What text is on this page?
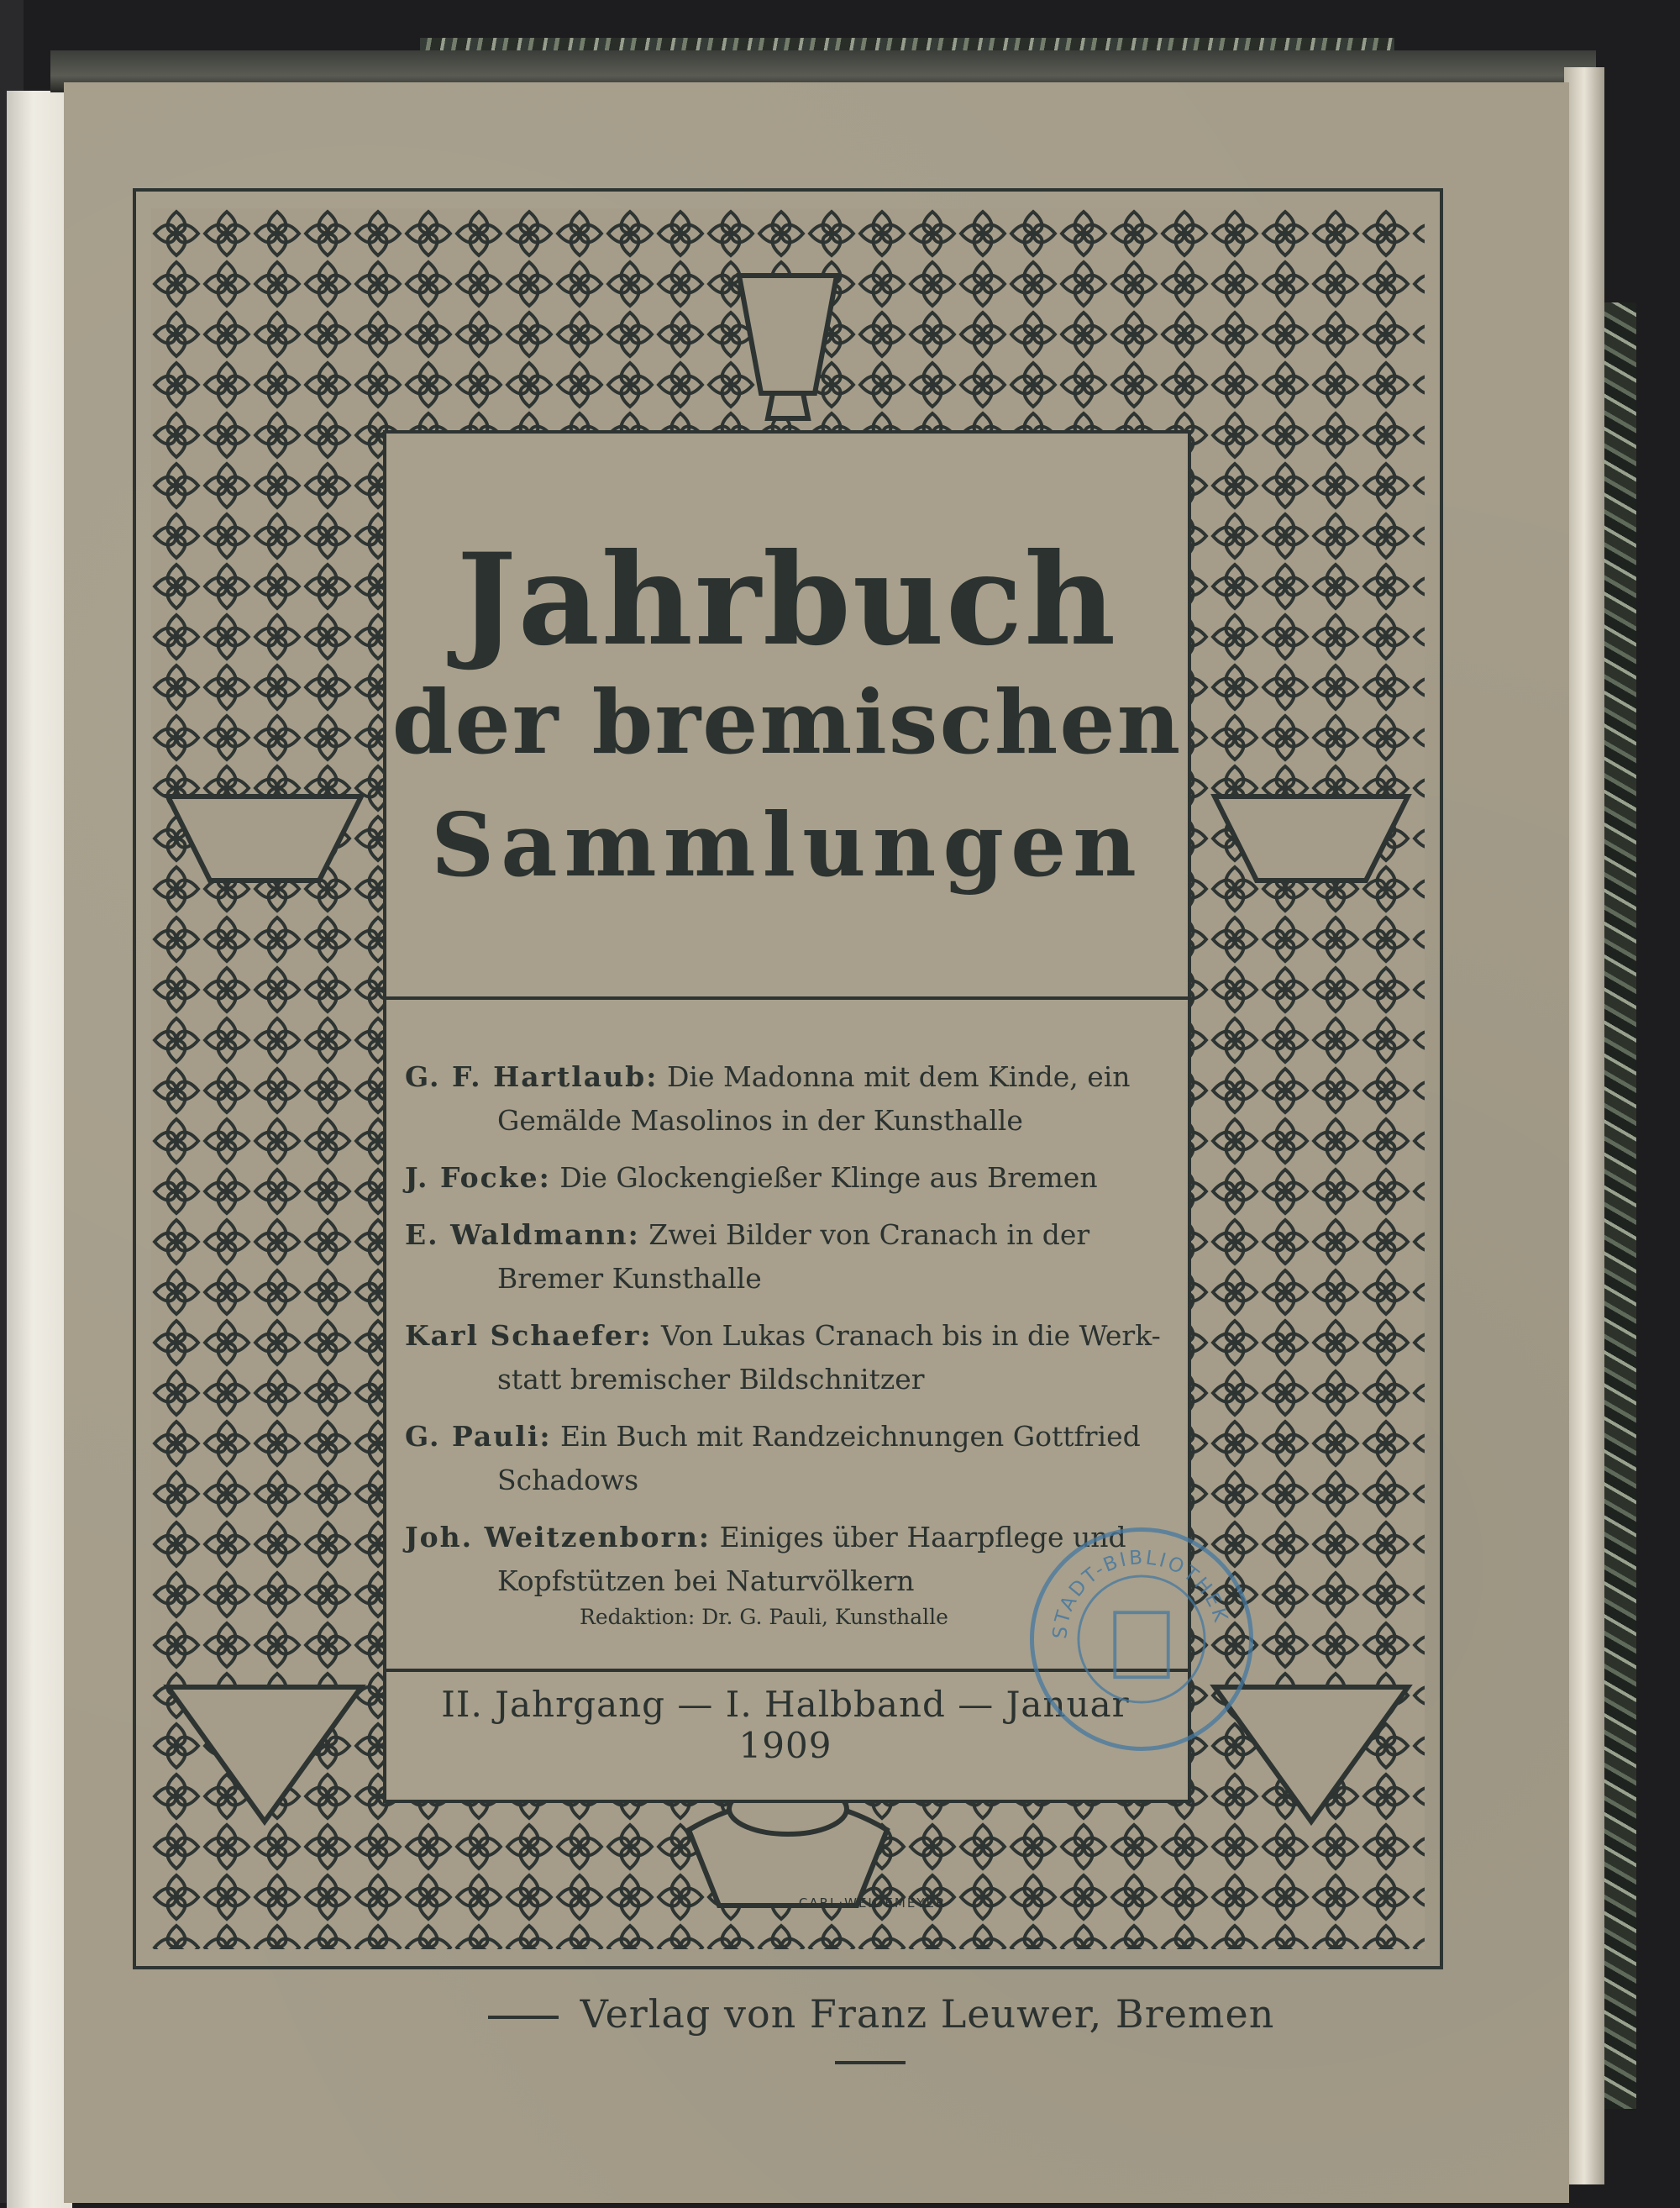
Jahrbuch
der bremischen
Sammlungen
G. F. Hartlaub: Die Madonna mit dem Kinde, ein
Gemälde Masolinos in der Kunsthalle
J. Focke: Die Glockengießer Klinge aus Bremen
E. Waldmann: Zwei Bilder von Cranach in der
Bremer Kunsthalle
Karl Schaefer: Von Lukas Cranach bis in die Werk-
statt bremischer Bildschnitzer
G. Pauli: Ein Buch mit Randzeichnungen Gottfried
Schadows
Joh. Weitzenborn: Einiges über Haarpflege und
Kopfstützen bei Naturvölkern
Redaktion: Dr. G. Pauli, Kunsthalle
II. Jahrgang — I. Halbband — Januar 1909
CARL·WEIDEMEYER·
Verlag von Franz Leuwer, Bremen
STADT-BIBLIOTHEK
